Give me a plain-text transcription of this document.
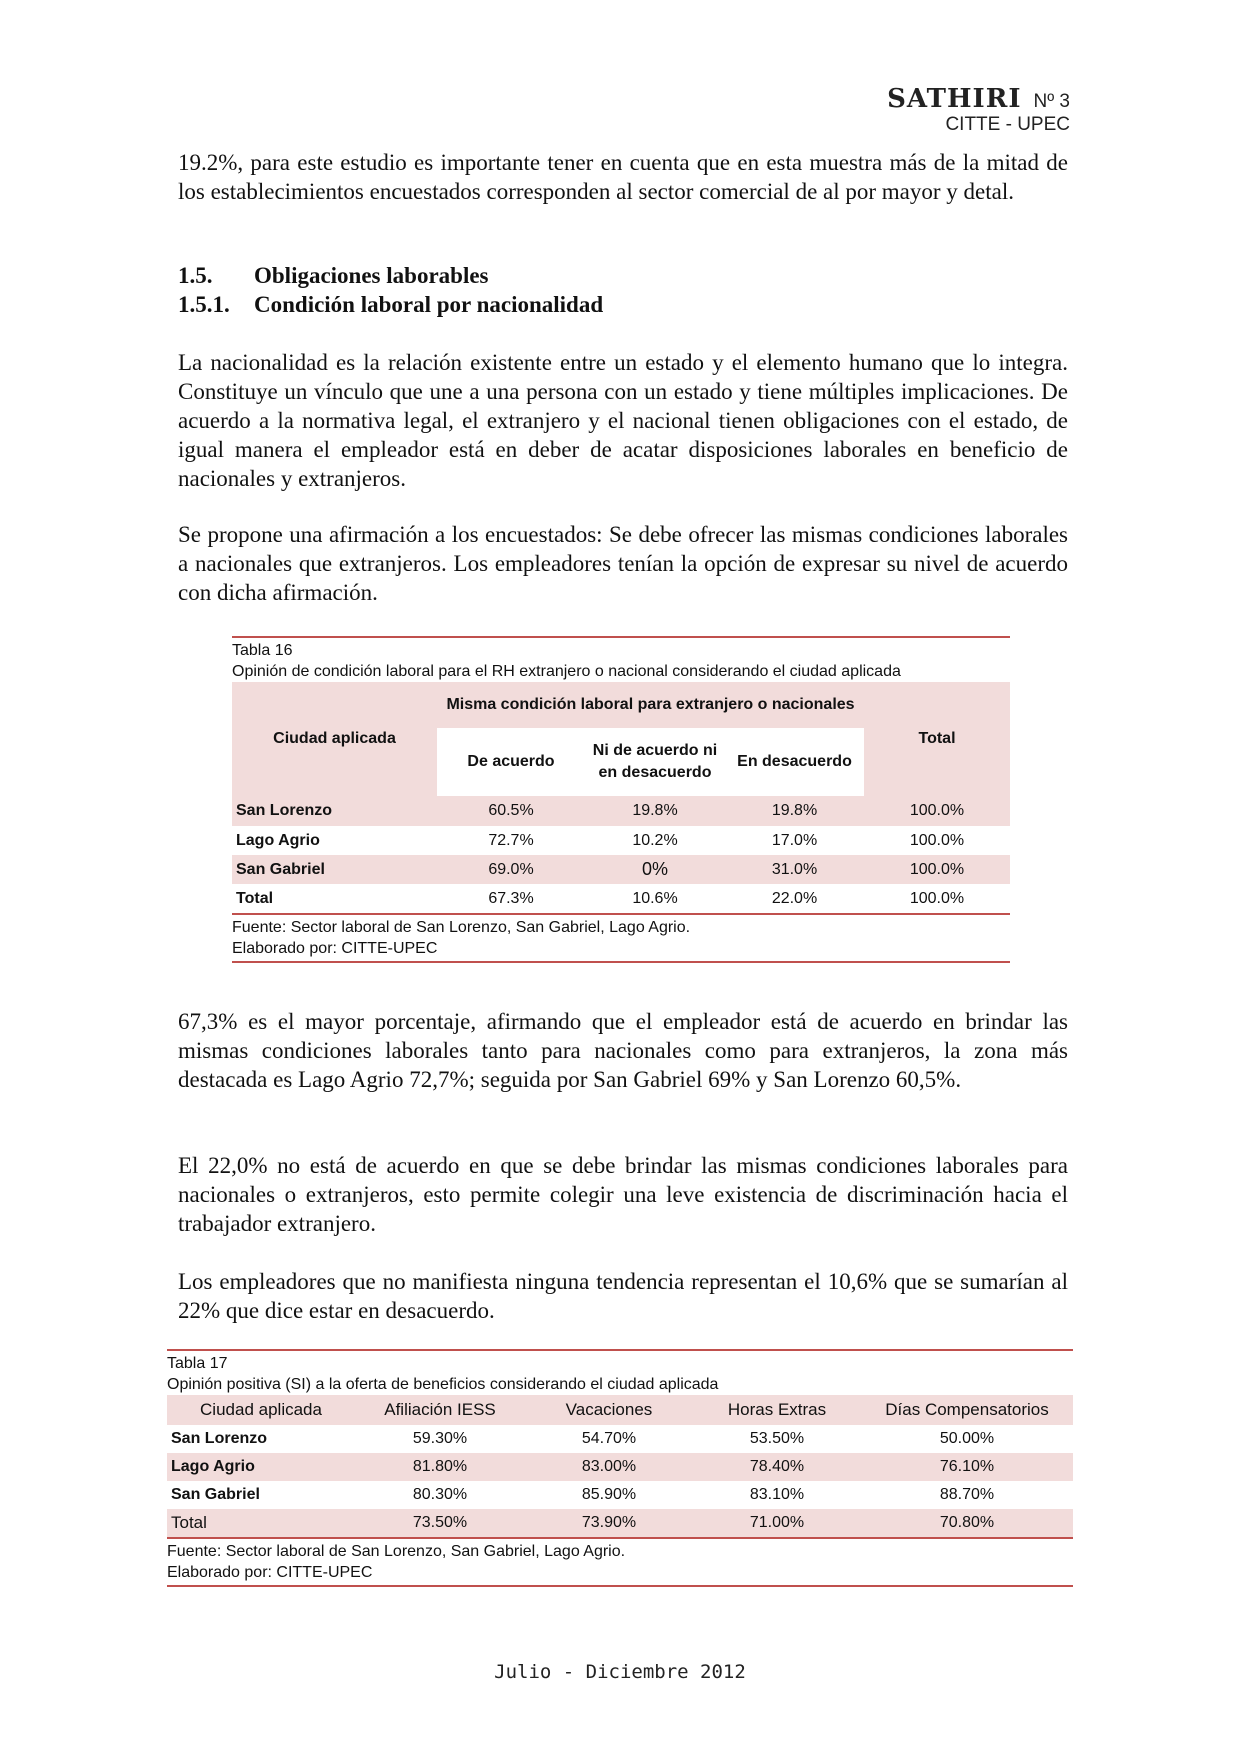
SATHIRI Nº 3
CITTE - UPEC

19.2%, para este estudio es importante tener en cuenta que en esta muestra más de la mitad de los establecimientos encuestados corresponden al sector comercial de al por mayor y detal.

1.5. Obligaciones laborables
1.5.1. Condición laboral por nacionalidad

La nacionalidad es la relación existente entre un estado y el elemento humano que lo integra. Constituye un vínculo que une a una persona con un estado y tiene múltiples implicaciones. De acuerdo a la normativa legal, el extranjero y el nacional tienen obligaciones con el estado, de igual manera el empleador está en deber de acatar disposiciones laborales en beneficio de nacionales y extranjeros.

Se propone una afirmación a los encuestados: Se debe ofrecer las mismas condiciones laborales a nacionales que extranjeros. Los empleadores tenían la opción de expresar su nivel de acuerdo con dicha afirmación.

Tabla 16
Opinión de condición laboral para el RH extranjero o nacional considerando el ciudad aplicada
Ciudad aplicada	Misma condición laboral para extranjero o nacionales			Total
	De acuerdo	Ni de acuerdo ni en desacuerdo	En desacuerdo	
San Lorenzo	60.5%	19.8%	19.8%	100.0%
Lago Agrio	72.7%	10.2%	17.0%	100.0%
San Gabriel	69.0%	0%	31.0%	100.0%
Total	67.3%	10.6%	22.0%	100.0%
Fuente: Sector laboral de San Lorenzo, San Gabriel, Lago Agrio.
Elaborado por: CITTE-UPEC

67,3% es el mayor porcentaje, afirmando que el empleador está de acuerdo en brindar las mismas condiciones laborales tanto para nacionales como para extranjeros, la zona más destacada es Lago Agrio 72,7%; seguida por San Gabriel 69% y San Lorenzo 60,5%.

El 22,0% no está de acuerdo en que se debe brindar las mismas condiciones laborales para nacionales o extranjeros, esto permite colegir una leve existencia de discriminación hacia el trabajador extranjero.

Los empleadores que no manifiesta ninguna tendencia representan el 10,6% que se sumarían al 22% que dice estar en desacuerdo.

Tabla 17
Opinión positiva (SI) a la oferta de beneficios considerando el ciudad aplicada
Ciudad aplicada	Afiliación IESS	Vacaciones	Horas Extras	Días Compensatorios
San Lorenzo	59.30%	54.70%	53.50%	50.00%
Lago Agrio	81.80%	83.00%	78.40%	76.10%
San Gabriel	80.30%	85.90%	83.10%	88.70%
Total	73.50%	73.90%	71.00%	70.80%
Fuente: Sector laboral de San Lorenzo, San Gabriel, Lago Agrio.
Elaborado por: CITTE-UPEC
Julio - Diciembre 2012
